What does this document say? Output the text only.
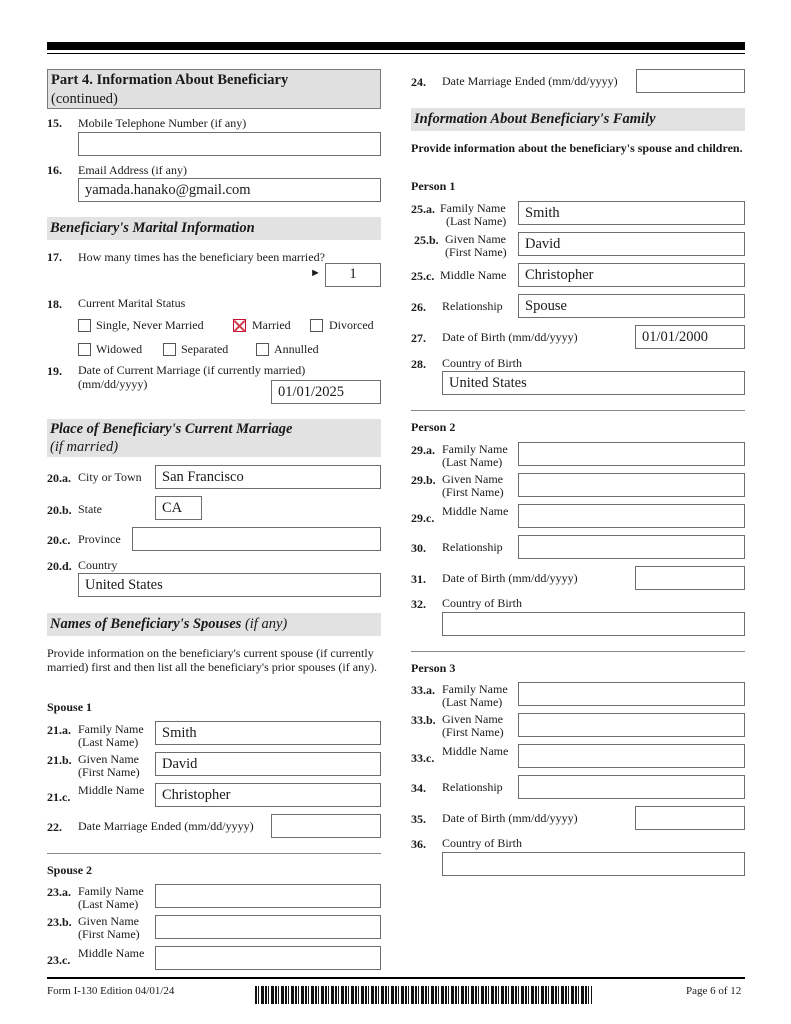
Part 4. Information About Beneficiary
(continued)
15. Mobile Telephone Number (if any)
16. Email Address (if any)
yamada.hanako@gmail.com
Beneficiary's Marital Information
17. How many times has the beneficiary been married?
►	1
18. Current Marital Status
Single, Never Married	Married	Divorced
Widowed	Separated	Annulled
19. Date of Current Marriage (if currently married)
(mm/dd/yyyy)	01/01/2025
Place of Beneficiary's Current Marriage
(if married)
20.a. City or Town	San Francisco
20.b. State	CA
20.c. Province
20.d. Country
United States
Names of Beneficiary's Spouses (if any)
Provide information on the beneficiary's current spouse (if currently married) first and then list all the beneficiary's prior spouses (if any).
Spouse 1
21.a. Family Name
(Last Name)
Smith
21.b. Given Name
(First Name)	David
21.c. Middle Name	Christopher
22. Date Marriage Ended (mm/dd/yyyy)
Spouse 2
23.a. Family Name
(Last Name)
23.b. Given Name
(First Name)
23.c. Middle Name
24. Date Marriage Ended (mm/dd/yyyy)
Information About Beneficiary's Family
Provide information about the beneficiary's spouse and children.
Person 1
25.a. Family Name
(Last Name)	Smith
25.b. Given Name
(First Name)	David
25.c. Middle Name	Christopher
26. Relationship	Spouse
27. Date of Birth (mm/dd/yyyy)	01/01/2000
28. Country of Birth
United States
Person 2
29.a. Family Name
(Last Name)
29.b. Given Name
(First Name)
29.c. Middle Name
30. Relationship
31. Date of Birth (mm/dd/yyyy)
32. Country of Birth
Person 3
33.a. Family Name
(Last Name)
33.b. Given Name
(First Name)
33.c. Middle Name
34. Relationship
35. Date of Birth (mm/dd/yyyy)
36. Country of Birth
Form I-130 Edition 04/01/24	Page 6 of 12
